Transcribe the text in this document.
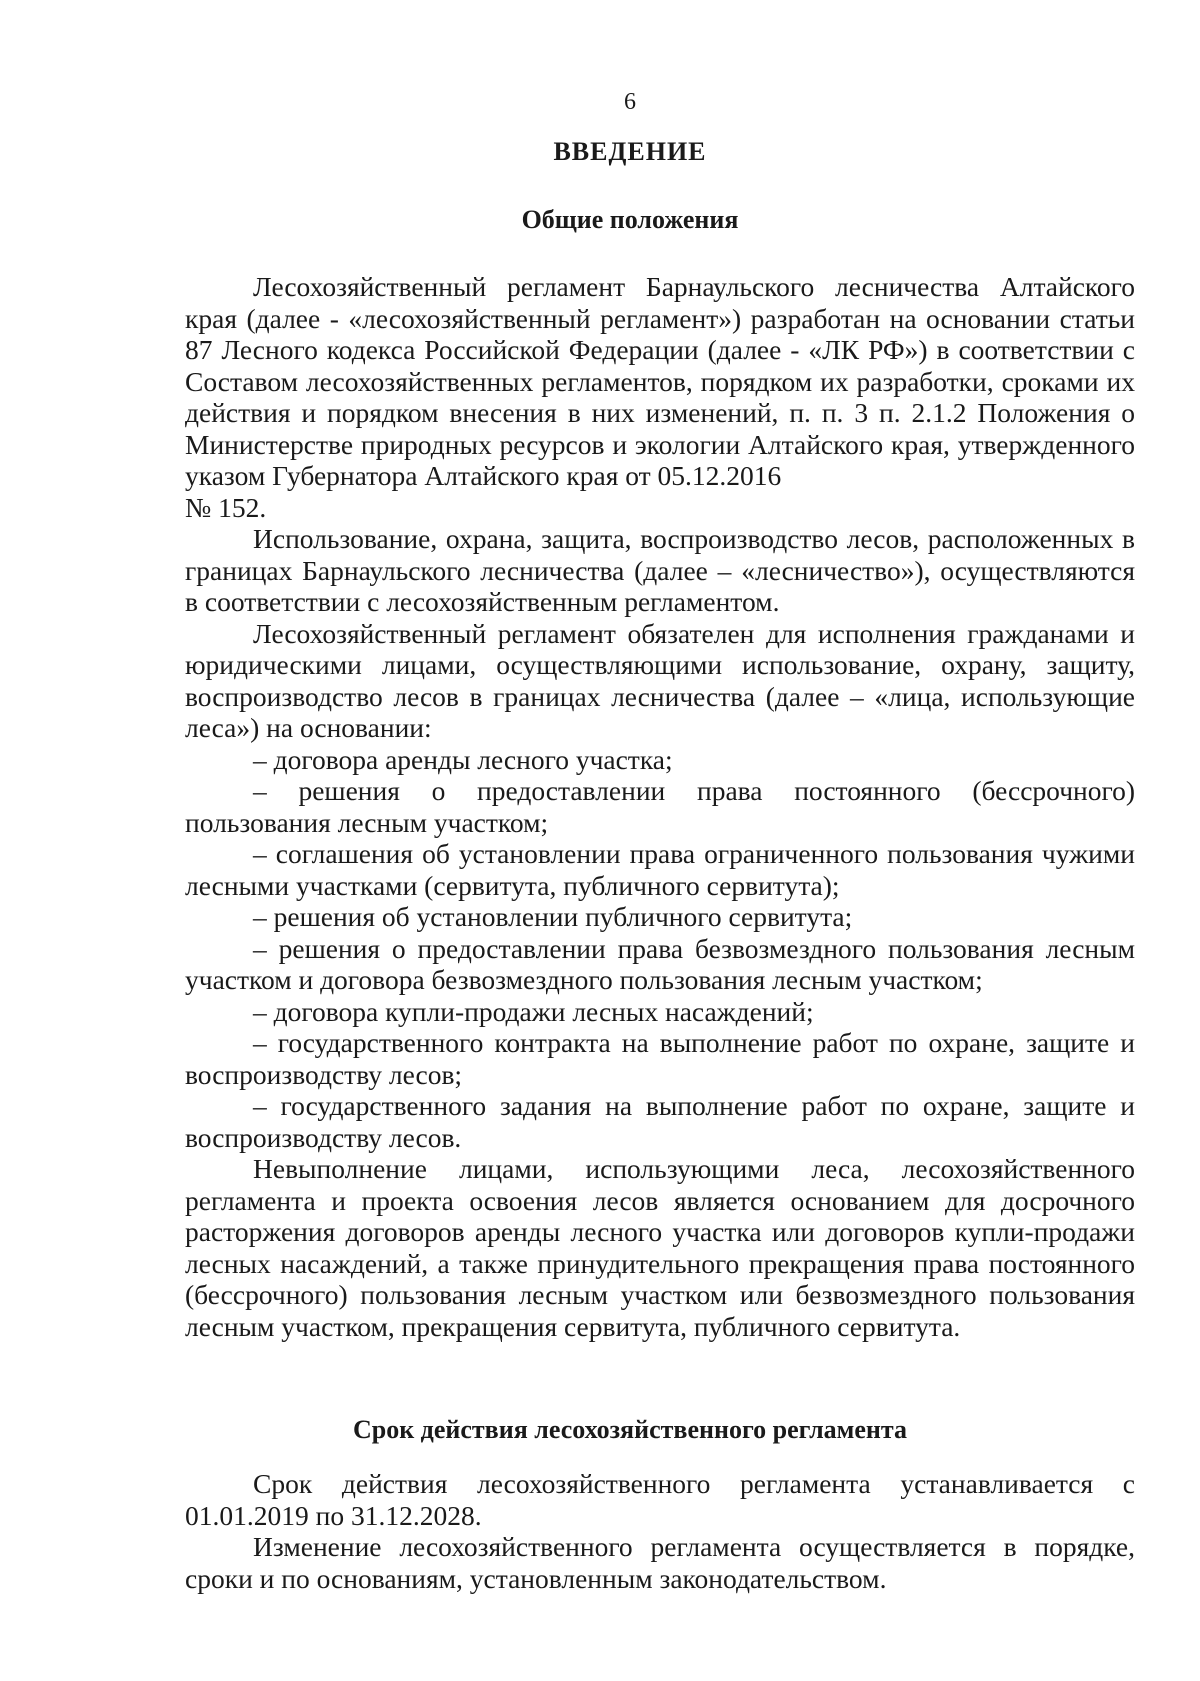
6
ВВЕДЕНИЕ
Общие положения

Лесохозяйственный регламент Барнаульского лесничества Алтайского края (далее - «лесохозяйственный регламент») разработан на основании статьи 87 Лесного кодекса Российской Федерации (далее - «ЛК РФ») в соответствии с Составом лесохозяйственных регламентов, порядком их разработки, сроками их действия и порядком внесения в них изменений, п. п. 3 п. 2.1.2 Положения о Министерстве природных ресурсов и экологии Алтайского края, утвержденного указом Губернатора Алтайского края от 05.12.2016

№ 152.

Использование, охрана, защита, воспроизводство лесов, расположенных в границах Барнаульского лесничества (далее – «лесничество»), осуществляются в соответствии с лесохозяйственным регламентом.

Лесохозяйственный регламент обязателен для исполнения гражданами и юридическими лицами, осуществляющими использование, охрану, защиту, воспроизводство лесов в границах лесничества (далее – «лица, использующие леса») на основании:

– договора аренды лесного участка;

– решения о предоставлении права постоянного (бессрочного) пользования лесным участком;

– соглашения об установлении права ограниченного пользования чужими лесными участками (сервитута, публичного сервитута);

– решения об установлении публичного сервитута;

– решения о предоставлении права безвозмездного пользования лесным участком и договора безвозмездного пользования лесным участком;

– договора купли-продажи лесных насаждений;

– государственного контракта на выполнение работ по охране, защите и воспроизводству лесов;

– государственного задания на выполнение работ по охране, защите и воспроизводству лесов.

Невыполнение лицами, использующими леса, лесохозяйственного регламента и проекта освоения лесов является основанием для досрочного расторжения договоров аренды лесного участка или договоров купли-продажи лесных насаждений, а также принудительного прекращения права постоянного (бессрочного) пользования лесным участком или безвозмездного пользования лесным участком, прекращения сервитута, публичного сервитута.

Срок действия лесохозяйственного регламента

Срок действия лесохозяйственного регламента устанавливается с 01.01.2019 по 31.12.2028.

Изменение лесохозяйственного регламента осуществляется в порядке, сроки и по основаниям, установленным законодательством.
